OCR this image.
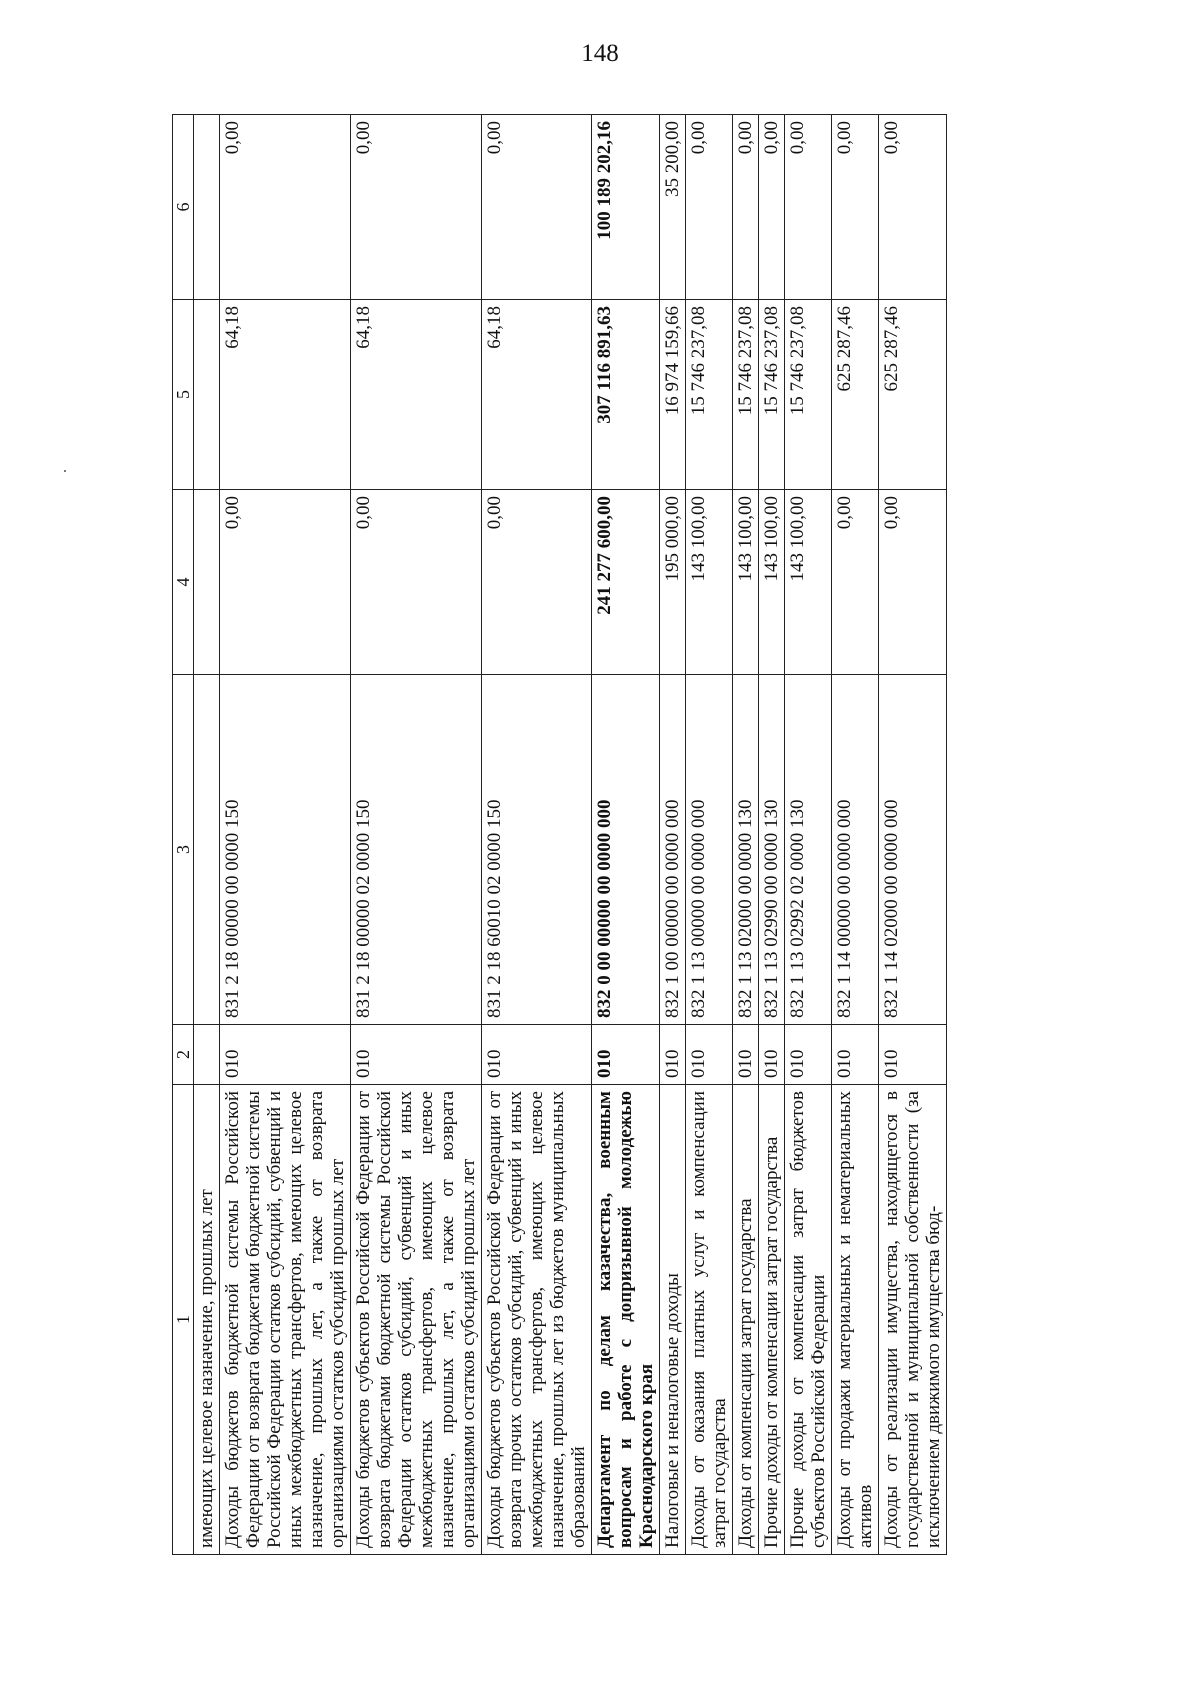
148
1	2	3	4	5	6
имеющих целевое назначение, прошлых лет					
Доходы бюджетов бюджетной системы Российской Федерации от возврата бюджетами бюджетной системы Российской Федерации остатков субсидий, субвенций и иных межбюджетных трансфертов, имеющих целевое назначение, прошлых лет, а также от возврата организациями остатков субсидий прошлых лет	010	831 2 18 00000 00 0000 150	0,00	64,18	0,00
Доходы бюджетов субъектов Российской Федерации от возврата бюджетами бюджетной системы Российской Федерации остатков субсидий, субвенций и иных межбюджетных трансфертов, имеющих целевое назначение, прошлых лет, а также от возврата организациями остатков субсидий прошлых лет	010	831 2 18 00000 02 0000 150	0,00	64,18	0,00
Доходы бюджетов субъектов Российской Федерации от возврата прочих остатков субсидий, субвенций и иных межбюджетных трансфертов, имеющих целевое назначение, прошлых лет из бюджетов муниципальных образований	010	831 2 18 60010 02 0000 150	0,00	64,18	0,00
Департамент по делам казачества, военным вопросам и работе с допризывной молодежью Краснодарского края	010	832 0 00 00000 00 0000 000	241 277 600,00	307 116 891,63	100 189 202,16
Налоговые и неналоговые доходы	010	832 1 00 00000 00 0000 000	195 000,00	16 974 159,66	35 200,00
Доходы от оказания платных услуг и компенсации затрат государства	010	832 1 13 00000 00 0000 000	143 100,00	15 746 237,08	0,00
Доходы от компенсации затрат государства	010	832 1 13 02000 00 0000 130	143 100,00	15 746 237,08	0,00
Прочие доходы от компенсации затрат государства	010	832 1 13 02990 00 0000 130	143 100,00	15 746 237,08	0,00
Прочие доходы от компенсации затрат бюджетов субъектов Российской Федерации	010	832 1 13 02992 02 0000 130	143 100,00	15 746 237,08	0,00
Доходы от продажи материальных и нематериальных активов	010	832 1 14 00000 00 0000 000	0,00	625 287,46	0,00
Доходы от реализации имущества, находящегося в государственной и муниципальной собственности (за исключением движимого имущества бюд-	010	832 1 14 02000 00 0000 000	0,00	625 287,46	0,00
